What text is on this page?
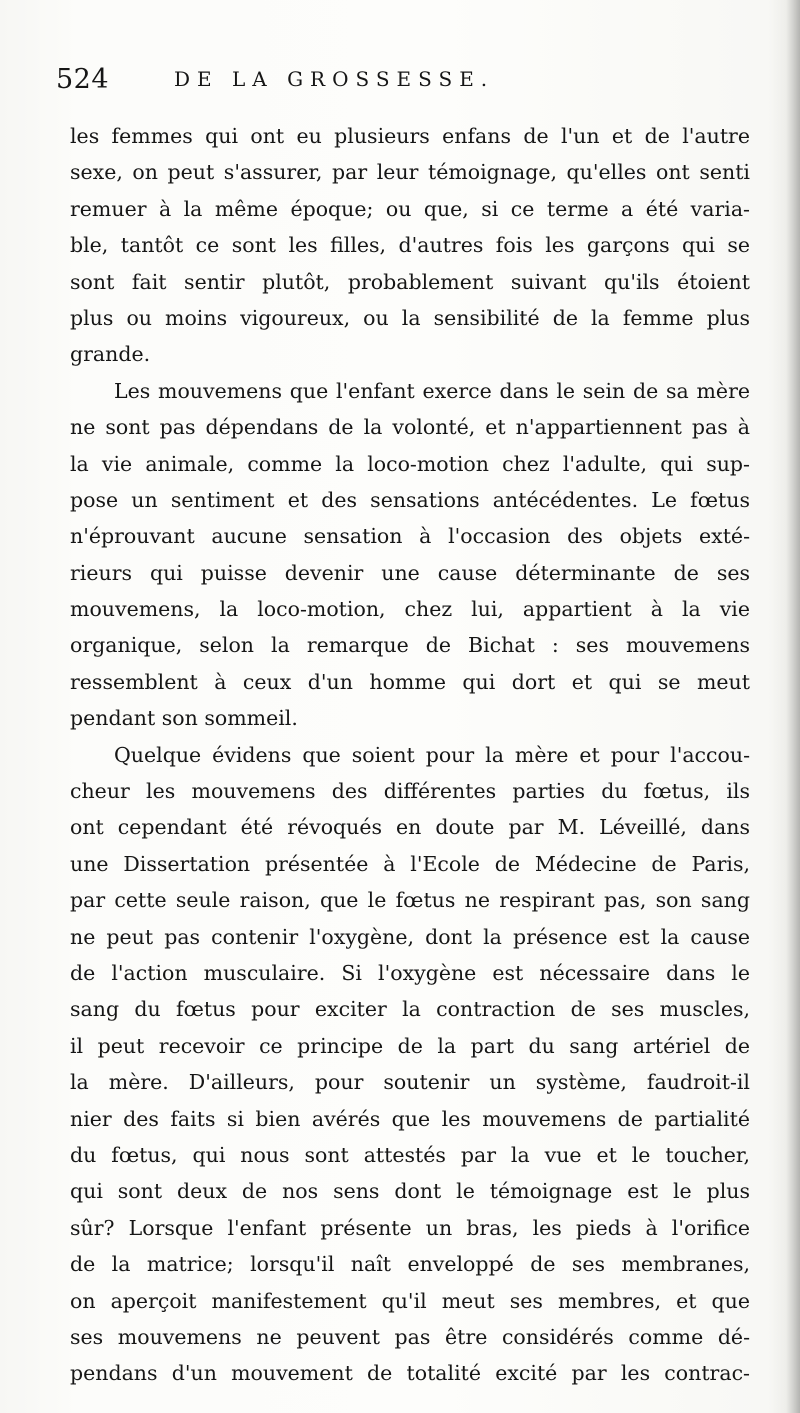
524	DE LA GROSSESSE.
les femmes qui ont eu plusieurs enfans de l'un et de l'autre
sexe, on peut s'assurer, par leur témoignage, qu'elles ont senti
remuer à la même époque; ou que, si ce terme a été varia-
ble, tantôt ce sont les filles, d'autres fois les garçons qui se
sont fait sentir plutôt, probablement suivant qu'ils étoient
plus ou moins vigoureux, ou la sensibilité de la femme plus
grande.
Les mouvemens que l'enfant exerce dans le sein de sa mère
ne sont pas dépendans de la volonté, et n'appartiennent pas à
la vie animale, comme la loco-motion chez l'adulte, qui sup-
pose un sentiment et des sensations antécédentes. Le fœtus
n'éprouvant aucune sensation à l'occasion des objets exté-
rieurs qui puisse devenir une cause déterminante de ses
mouvemens, la loco-motion, chez lui, appartient à la vie
organique, selon la remarque de Bichat : ses mouvemens
ressemblent à ceux d'un homme qui dort et qui se meut
pendant son sommeil.
Quelque évidens que soient pour la mère et pour l'accou-
cheur les mouvemens des différentes parties du fœtus, ils
ont cependant été révoqués en doute par M. Léveillé, dans
une Dissertation présentée à l'Ecole de Médecine de Paris,
par cette seule raison, que le fœtus ne respirant pas, son sang
ne peut pas contenir l'oxygène, dont la présence est la cause
de l'action musculaire. Si l'oxygène est nécessaire dans le
sang du fœtus pour exciter la contraction de ses muscles,
il peut recevoir ce principe de la part du sang artériel de
la mère. D'ailleurs, pour soutenir un système, faudroit-il
nier des faits si bien avérés que les mouvemens de partialité
du fœtus, qui nous sont attestés par la vue et le toucher,
qui sont deux de nos sens dont le témoignage est le plus
sûr? Lorsque l'enfant présente un bras, les pieds à l'orifice
de la matrice; lorsqu'il naît enveloppé de ses membranes,
on aperçoit manifestement qu'il meut ses membres, et que
ses mouvemens ne peuvent pas être considérés comme dé-
pendans d'un mouvement de totalité excité par les contrac-
